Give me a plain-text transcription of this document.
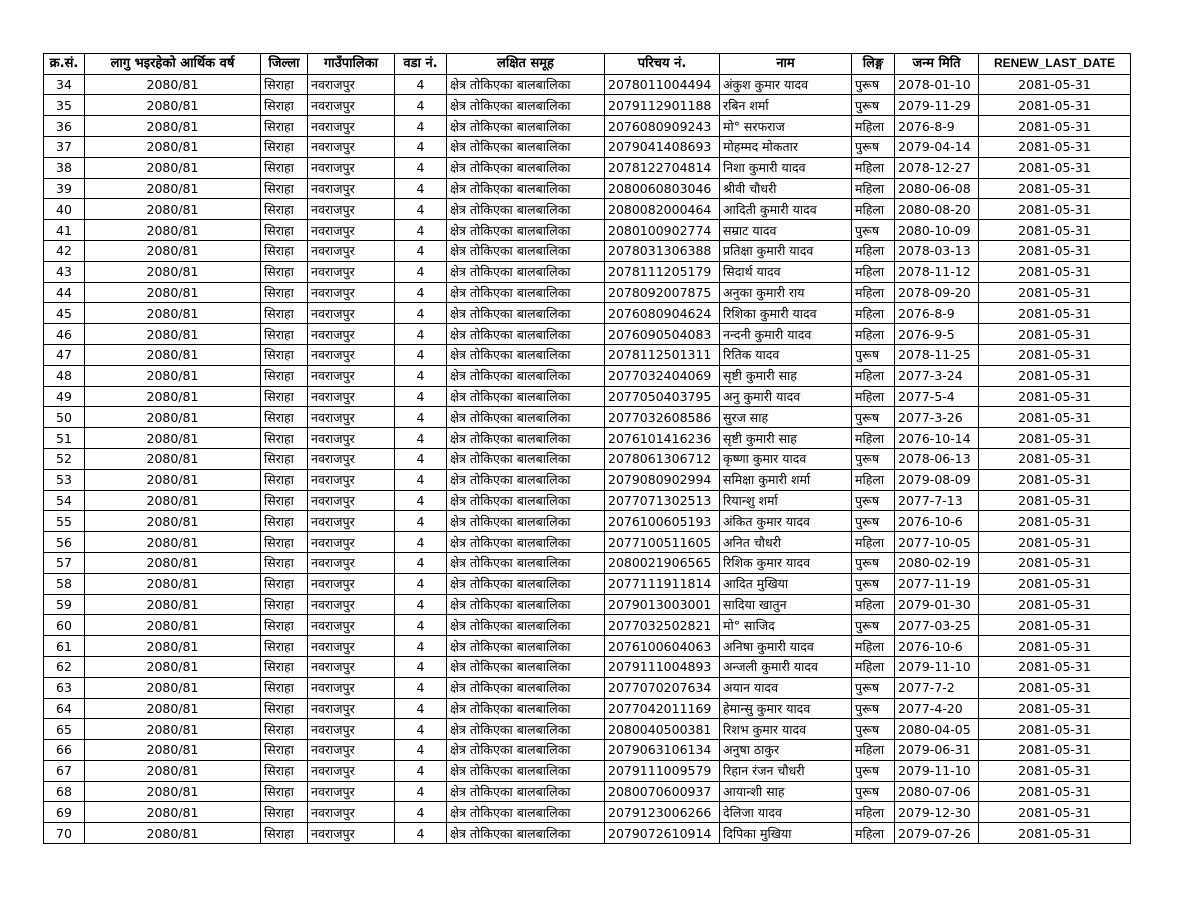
क्र.सं.	लागु भइरहेको आर्थिक वर्ष	जिल्ला	गाउँपालिका	वडा नं.	लक्षित समूह	परिचय नं.	नाम	लिङ्ग	जन्म मिति	RENEW_LAST_DATE
34	2080/81	सिराहा	नवराजपुर	4	क्षेत्र तोकिएका बालबालिका	2078011004494	अंकुश कुमार यादव	पुरूष	2078-01-10	2081-05-31
35	2080/81	सिराहा	नवराजपुर	4	क्षेत्र तोकिएका बालबालिका	2079112901188	रबिन शर्मा	पुरूष	2079-11-29	2081-05-31
36	2080/81	सिराहा	नवराजपुर	4	क्षेत्र तोकिएका बालबालिका	2076080909243	मो° सरफराज	महिला	2076-8-9	2081-05-31
37	2080/81	सिराहा	नवराजपुर	4	क्षेत्र तोकिएका बालबालिका	2079041408693	मोहम्मद मोकतार	पुरूष	2079-04-14	2081-05-31
38	2080/81	सिराहा	नवराजपुर	4	क्षेत्र तोकिएका बालबालिका	2078122704814	निशा कुमारी यादव	महिला	2078-12-27	2081-05-31
39	2080/81	सिराहा	नवराजपुर	4	क्षेत्र तोकिएका बालबालिका	2080060803046	श्रीवी चौधरी	महिला	2080-06-08	2081-05-31
40	2080/81	सिराहा	नवराजपुर	4	क्षेत्र तोकिएका बालबालिका	2080082000464	आदिती कुमारी यादव	महिला	2080-08-20	2081-05-31
41	2080/81	सिराहा	नवराजपुर	4	क्षेत्र तोकिएका बालबालिका	2080100902774	सम्राट यादव	पुरूष	2080-10-09	2081-05-31
42	2080/81	सिराहा	नवराजपुर	4	क्षेत्र तोकिएका बालबालिका	2078031306388	प्रतिक्षा कुमारी यादव	महिला	2078-03-13	2081-05-31
43	2080/81	सिराहा	नवराजपुर	4	क्षेत्र तोकिएका बालबालिका	2078111205179	सिदार्थ यादव	महिला	2078-11-12	2081-05-31
44	2080/81	सिराहा	नवराजपुर	4	क्षेत्र तोकिएका बालबालिका	2078092007875	अनुका कुमारी राय	महिला	2078-09-20	2081-05-31
45	2080/81	सिराहा	नवराजपुर	4	क्षेत्र तोकिएका बालबालिका	2076080904624	रिशिका कुमारी यादव	महिला	2076-8-9	2081-05-31
46	2080/81	सिराहा	नवराजपुर	4	क्षेत्र तोकिएका बालबालिका	2076090504083	नन्दनी कुमारी यादव	महिला	2076-9-5	2081-05-31
47	2080/81	सिराहा	नवराजपुर	4	क्षेत्र तोकिएका बालबालिका	2078112501311	रितिक यादव	पुरूष	2078-11-25	2081-05-31
48	2080/81	सिराहा	नवराजपुर	4	क्षेत्र तोकिएका बालबालिका	2077032404069	सृष्टी कुमारी साह	महिला	2077-3-24	2081-05-31
49	2080/81	सिराहा	नवराजपुर	4	क्षेत्र तोकिएका बालबालिका	2077050403795	अनु कुमारी यादव	महिला	2077-5-4	2081-05-31
50	2080/81	सिराहा	नवराजपुर	4	क्षेत्र तोकिएका बालबालिका	2077032608586	सुरज साह	पुरूष	2077-3-26	2081-05-31
51	2080/81	सिराहा	नवराजपुर	4	क्षेत्र तोकिएका बालबालिका	2076101416236	सृष्टी कुमारी साह	महिला	2076-10-14	2081-05-31
52	2080/81	सिराहा	नवराजपुर	4	क्षेत्र तोकिएका बालबालिका	2078061306712	कृष्णा कुमार यादव	पुरूष	2078-06-13	2081-05-31
53	2080/81	सिराहा	नवराजपुर	4	क्षेत्र तोकिएका बालबालिका	2079080902994	समिक्षा कुमारी शर्मा	महिला	2079-08-09	2081-05-31
54	2080/81	सिराहा	नवराजपुर	4	क्षेत्र तोकिएका बालबालिका	2077071302513	रियान्शु शर्मा	पुरूष	2077-7-13	2081-05-31
55	2080/81	सिराहा	नवराजपुर	4	क्षेत्र तोकिएका बालबालिका	2076100605193	अंकित कुमार यादव	पुरूष	2076-10-6	2081-05-31
56	2080/81	सिराहा	नवराजपुर	4	क्षेत्र तोकिएका बालबालिका	2077100511605	अनित चौधरी	महिला	2077-10-05	2081-05-31
57	2080/81	सिराहा	नवराजपुर	4	क्षेत्र तोकिएका बालबालिका	2080021906565	रिशिक कुमार यादव	पुरूष	2080-02-19	2081-05-31
58	2080/81	सिराहा	नवराजपुर	4	क्षेत्र तोकिएका बालबालिका	2077111911814	आदित मुखिया	पुरूष	2077-11-19	2081-05-31
59	2080/81	सिराहा	नवराजपुर	4	क्षेत्र तोकिएका बालबालिका	2079013003001	सादिया खातुन	महिला	2079-01-30	2081-05-31
60	2080/81	सिराहा	नवराजपुर	4	क्षेत्र तोकिएका बालबालिका	2077032502821	मो° साजिद	पुरूष	2077-03-25	2081-05-31
61	2080/81	सिराहा	नवराजपुर	4	क्षेत्र तोकिएका बालबालिका	2076100604063	अनिषा कुमारी यादव	महिला	2076-10-6	2081-05-31
62	2080/81	सिराहा	नवराजपुर	4	क्षेत्र तोकिएका बालबालिका	2079111004893	अन्जली कुमारी यादव	महिला	2079-11-10	2081-05-31
63	2080/81	सिराहा	नवराजपुर	4	क्षेत्र तोकिएका बालबालिका	2077070207634	अयान यादव	पुरूष	2077-7-2	2081-05-31
64	2080/81	सिराहा	नवराजपुर	4	क्षेत्र तोकिएका बालबालिका	2077042011169	हेमान्सु कुमार यादव	पुरूष	2077-4-20	2081-05-31
65	2080/81	सिराहा	नवराजपुर	4	क्षेत्र तोकिएका बालबालिका	2080040500381	रिशभ कुमार यादव	पुरूष	2080-04-05	2081-05-31
66	2080/81	सिराहा	नवराजपुर	4	क्षेत्र तोकिएका बालबालिका	2079063106134	अनुषा ठाकुर	महिला	2079-06-31	2081-05-31
67	2080/81	सिराहा	नवराजपुर	4	क्षेत्र तोकिएका बालबालिका	2079111009579	रिहान रंजन चौधरी	पुरूष	2079-11-10	2081-05-31
68	2080/81	सिराहा	नवराजपुर	4	क्षेत्र तोकिएका बालबालिका	2080070600937	आयान्शी साह	पुरूष	2080-07-06	2081-05-31
69	2080/81	सिराहा	नवराजपुर	4	क्षेत्र तोकिएका बालबालिका	2079123006266	देलिजा यादव	महिला	2079-12-30	2081-05-31
70	2080/81	सिराहा	नवराजपुर	4	क्षेत्र तोकिएका बालबालिका	2079072610914	दिपिका मुखिया	महिला	2079-07-26	2081-05-31
